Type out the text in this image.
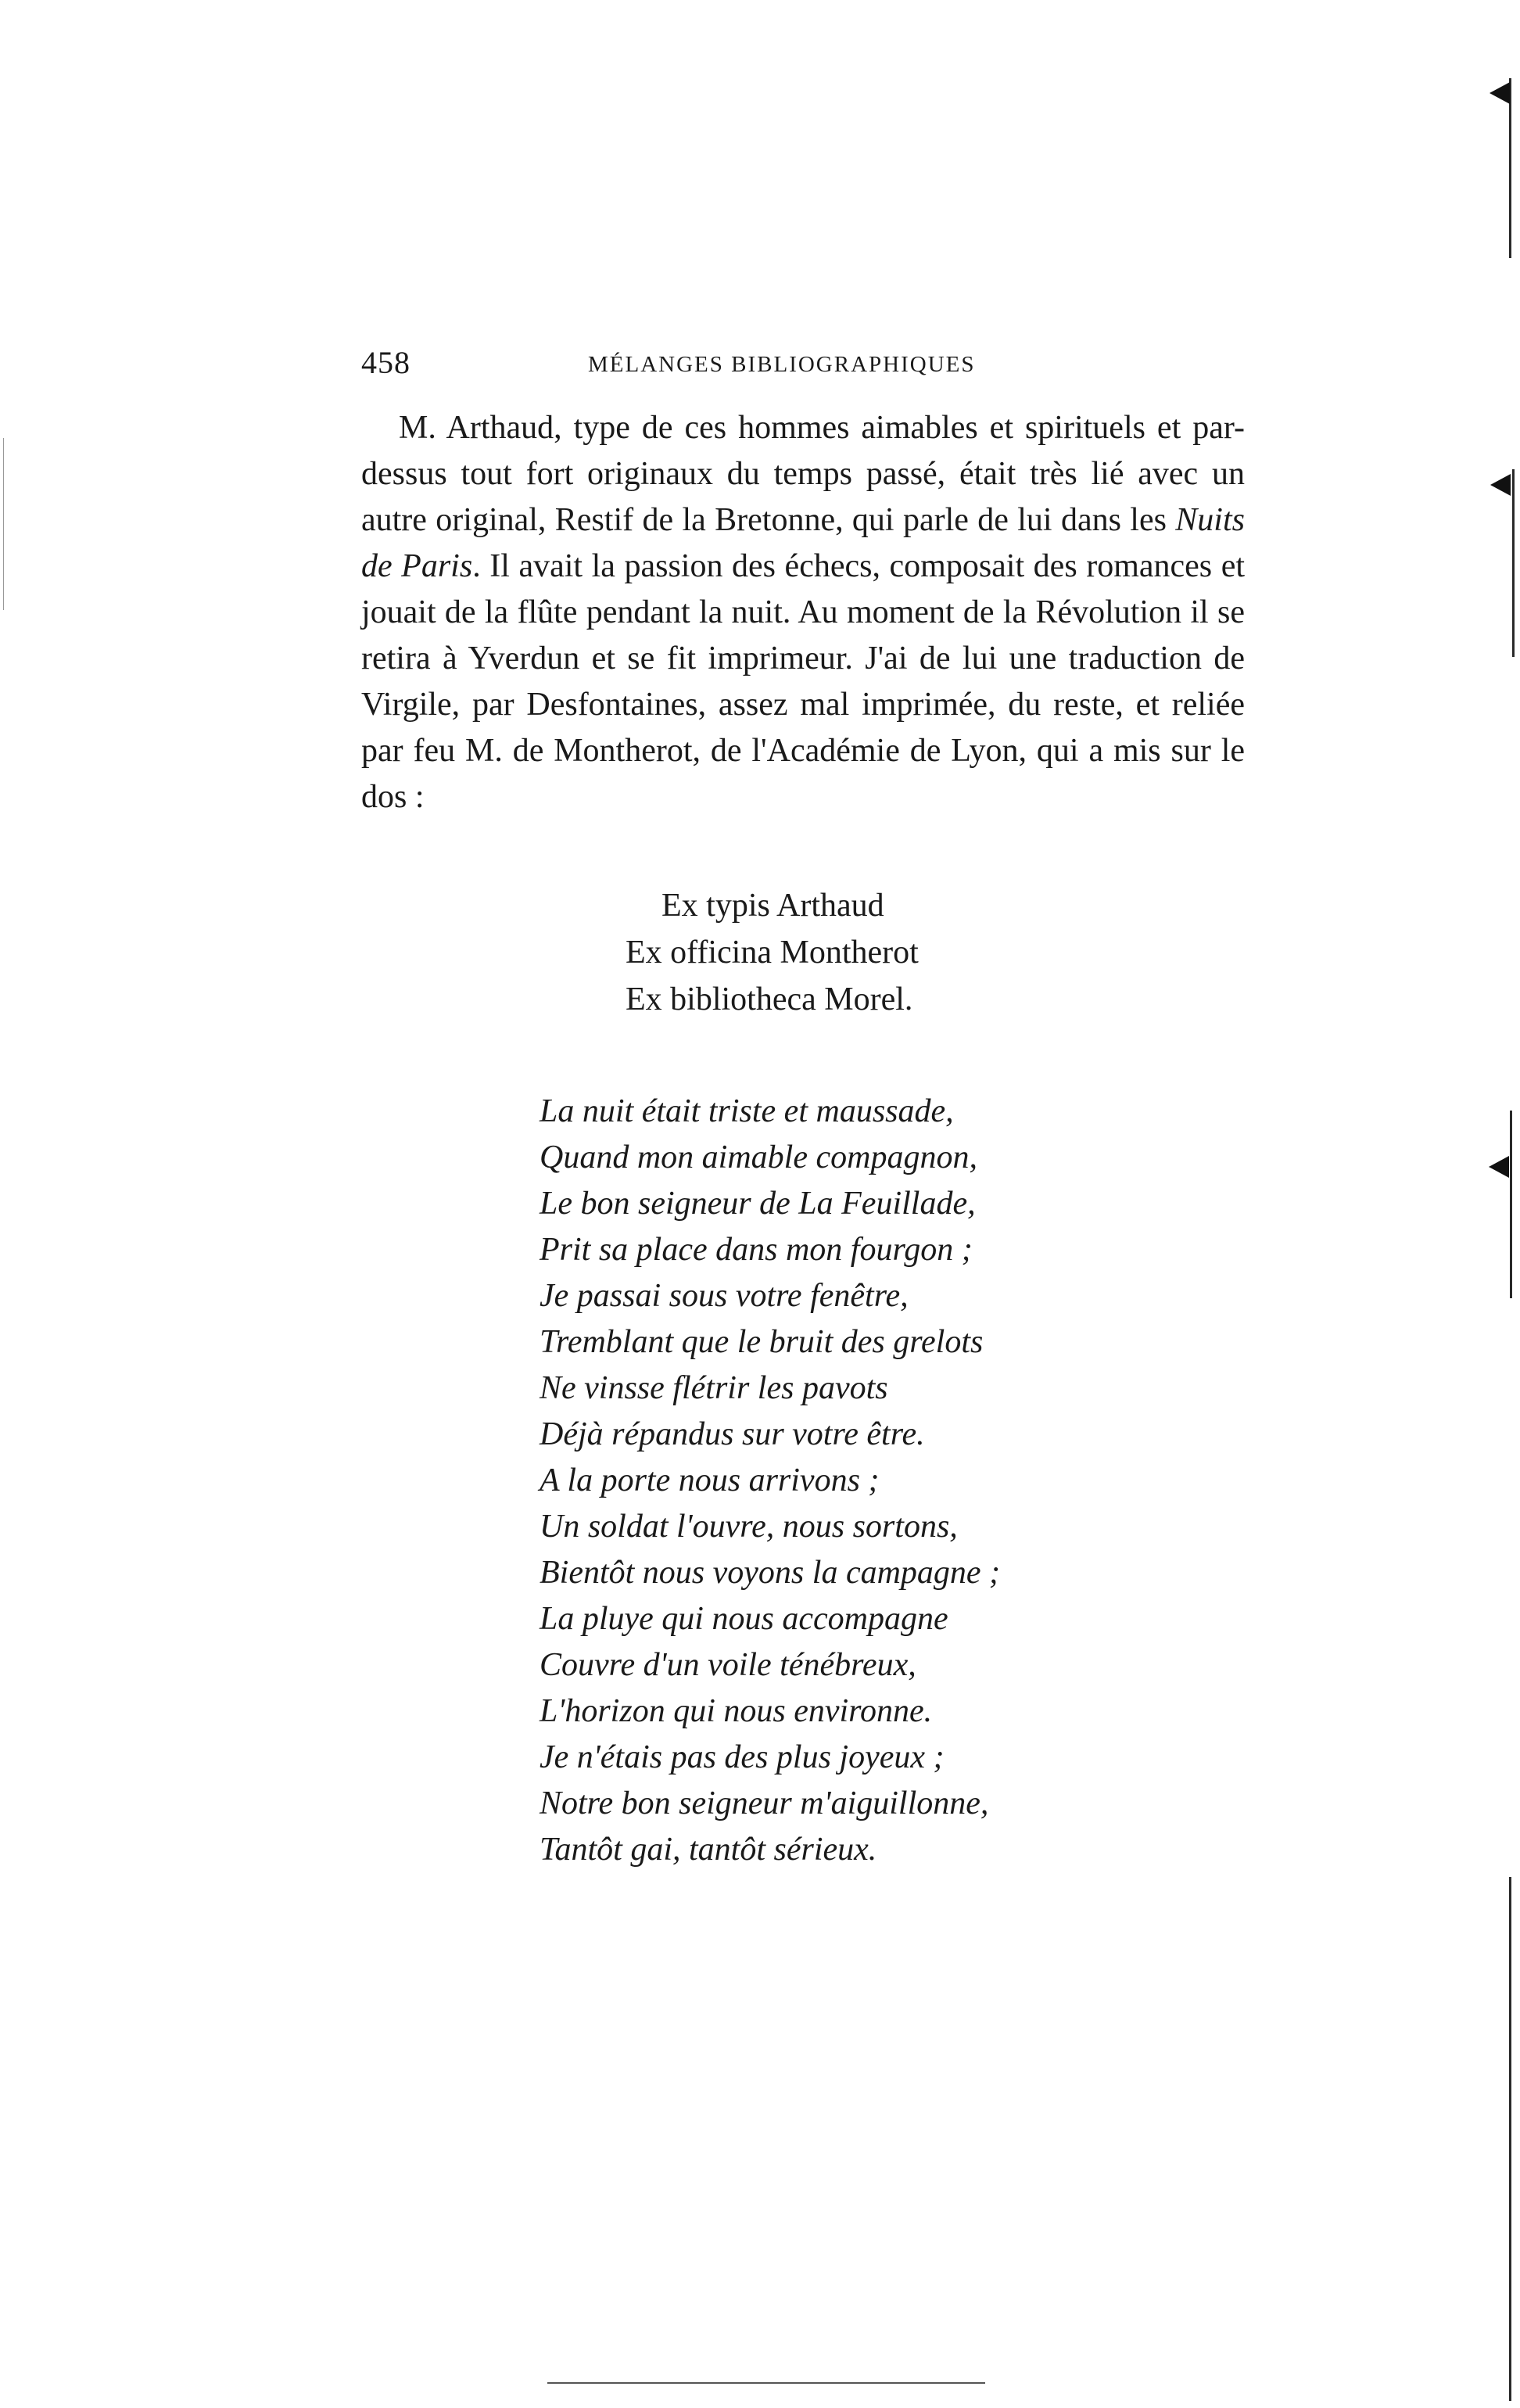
458	MÉLANGES BIBLIOGRAPHIQUES

M. Arthaud, type de ces hommes aimables et spirituels et par-dessus tout fort originaux du temps passé, était très lié avec un autre original, Restif de la Bretonne, qui parle de lui dans les Nuits de Paris. Il avait la passion des échecs, composait des romances et jouait de la flûte pendant la nuit. Au moment de la Révolution il se retira à Yverdun et se fit imprimeur. J'ai de lui une traduction de Virgile, par Desfontaines, assez mal imprimée, du reste, et reliée par feu M. de Montherot, de l'Académie de Lyon, qui a mis sur le dos :

Ex typis Arthaud
Ex officina Montherot
Ex bibliotheca Morel.
La nuit était triste et maussade,
Quand mon aimable compagnon,
Le bon seigneur de La Feuillade,
Prit sa place dans mon fourgon ;
Je passai sous votre fenêtre,
Tremblant que le bruit des grelots
Ne vinsse flétrir les pavots
Déjà répandus sur votre être.
A la porte nous arrivons ;
Un soldat l'ouvre, nous sortons,
Bientôt nous voyons la campagne ;
La pluye qui nous accompagne
Couvre d'un voile ténébreux,
L'horizon qui nous environne.
Je n'étais pas des plus joyeux ;
Notre bon seigneur m'aiguillonne,
Tantôt gai, tantôt sérieux.
